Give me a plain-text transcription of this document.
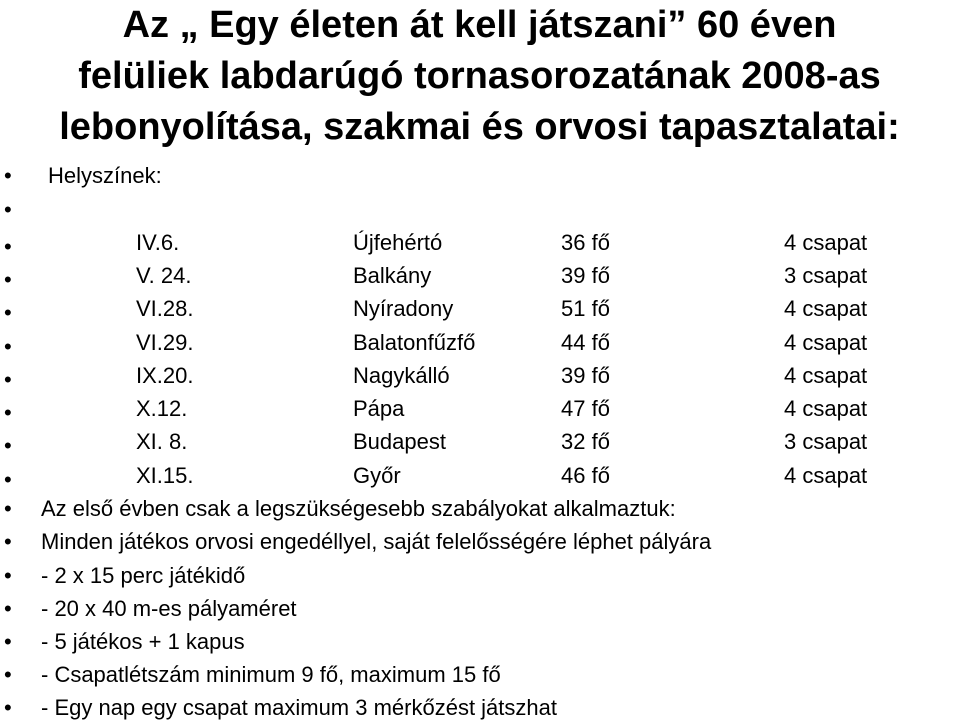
Az „ Egy életen át kell játszani” 60 éven
felüliek labdarúgó tornasorozatának 2008-as
lebonyolítása, szakmai és orvosi tapasztalatai:
• Helyszínek:
•
•	IV.6.	Újfehértó	36 fő	4 csapat
•	V. 24.	Balkány	39 fő	3 csapat
•	VI.28.	Nyíradony	51 fő	4 csapat
•	VI.29.	Balatonfűzfő	44 fő	4 csapat
•	IX.20.	Nagykálló	39 fő	4 csapat
•	X.12.	Pápa	47 fő	4 csapat
•	XI. 8.	Budapest	32 fő	3 csapat
•	XI.15.	Győr	46 fő	4 csapat
• Az első évben csak a legszükségesebb szabályokat alkalmaztuk:
• Minden játékos orvosi engedéllyel, saját felelősségére léphet pályára
• - 2 x 15 perc játékidő
• - 20 x 40 m-es pályaméret
• - 5 játékos + 1 kapus
• - Csapatlétszám minimum 9 fő, maximum 15 fő
• - Egy nap egy csapat maximum 3 mérkőzést játszhat
